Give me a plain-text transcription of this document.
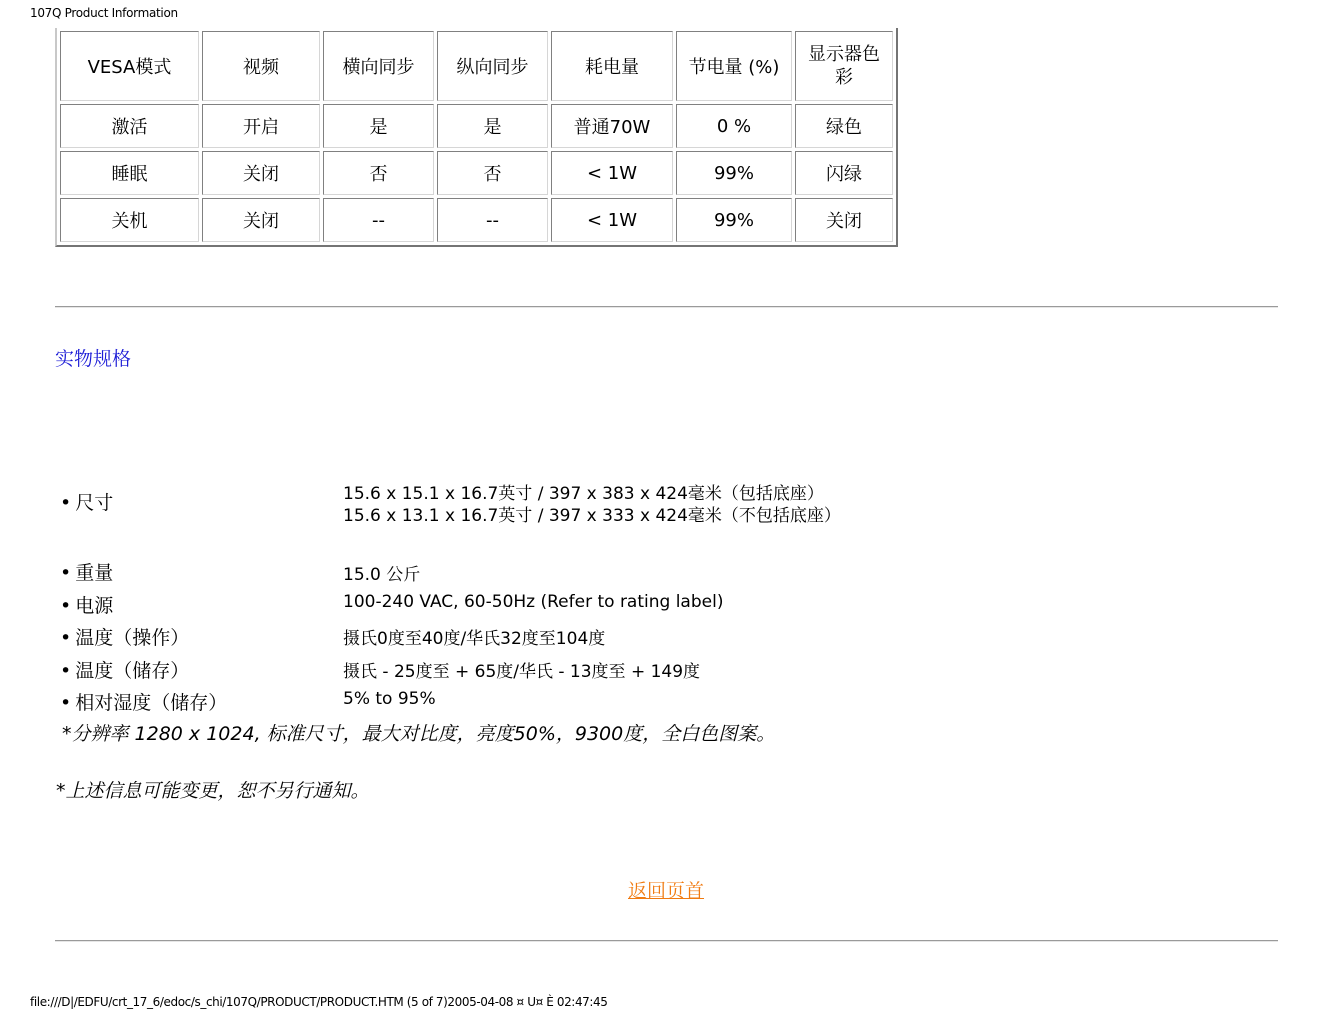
107Q Product Information
VESA模式	视频	横向同步	纵向同步	耗电量	节电量 (%)	显示器色彩
激活	开启	是	是	普通70W	0 %	绿色
睡眠	关闭	否	否	< 1W	99%	闪绿
关机	关闭	--	--	< 1W	99%	关闭
实物规格
• 尺寸	15.6 x 15.1 x 16.7英寸 / 397 x 383 x 424毫米（包括底座）
15.6 x 13.1 x 16.7英寸 / 397 x 333 x 424毫米（不包括底座）
• 重量	15.0 公斤
• 电源	100-240 VAC, 60-50Hz (Refer to rating label)
• 温度（操作）	摄氏0度至40度/华氏32度至104度
• 温度（储存）	摄氏 - 25度至 + 65度/华氏 - 13度至 + 149度
• 相对湿度（储存）	5% to 95%
*分辨率 1280 x 1024, 标准尺寸，最大对比度，亮度50%，9300度，全白色图案。
*上述信息可能变更，恕不另行通知。
返回页首
file:///D|/EDFU/crt_17_6/edoc/s_chi/107Q/PRODUCT/PRODUCT.HTM (5 of 7)2005-04-08 ¤ U¤ È 02:47:45
